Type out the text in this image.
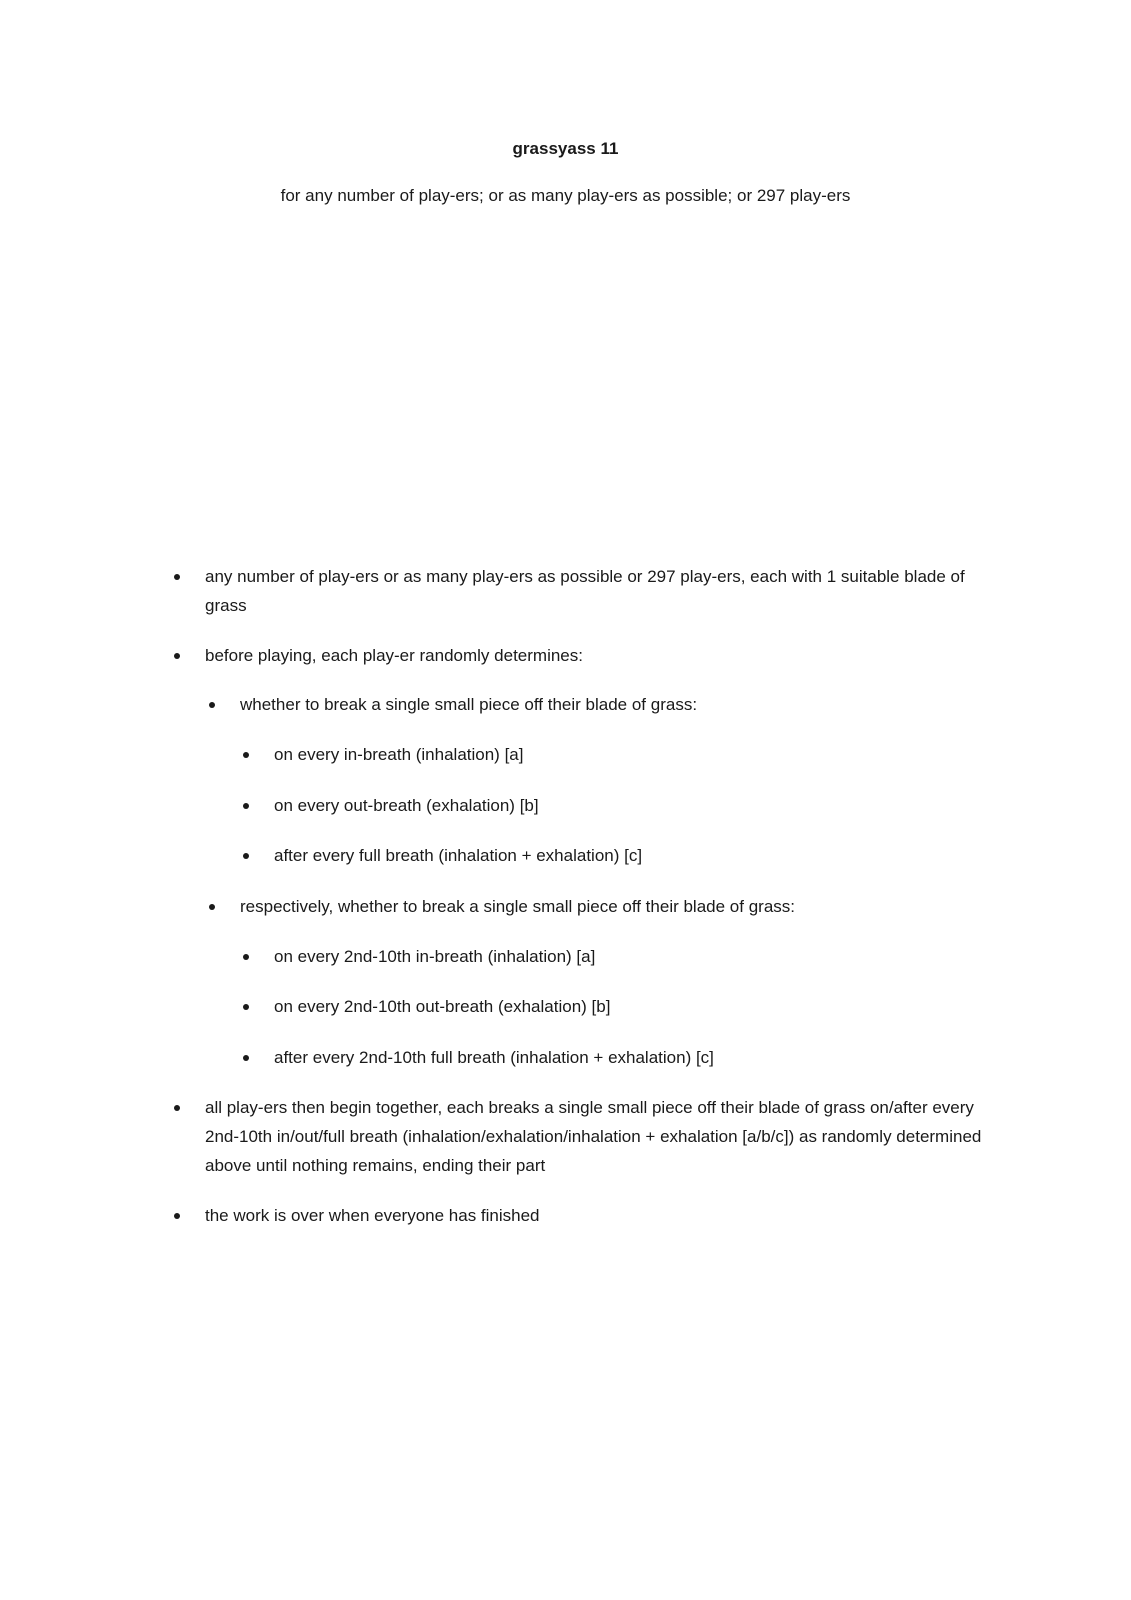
grassyass 11
for any number of play-ers; or as many play-ers as possible; or 297 play-ers
any number of play-ers or as many play-ers as possible or 297 play-ers, each with 1 suitable blade of grass
before playing, each play-er randomly determines:
whether to break a single small piece off their blade of grass:
on every in-breath (inhalation) [a]
on every out-breath (exhalation) [b]
after every full breath (inhalation + exhalation) [c]
respectively, whether to break a single small piece off their blade of grass:
on every 2nd-10th in-breath (inhalation) [a]
on every 2nd-10th out-breath (exhalation) [b]
after every 2nd-10th full breath (inhalation + exhalation) [c]
all play-ers then begin together, each breaks a single small piece off their blade of grass on/after every 2nd-10th in/out/full breath (inhalation/exhalation/inhalation + exhalation [a/b/c]) as randomly determined above until nothing remains, ending their part
the work is over when everyone has finished
